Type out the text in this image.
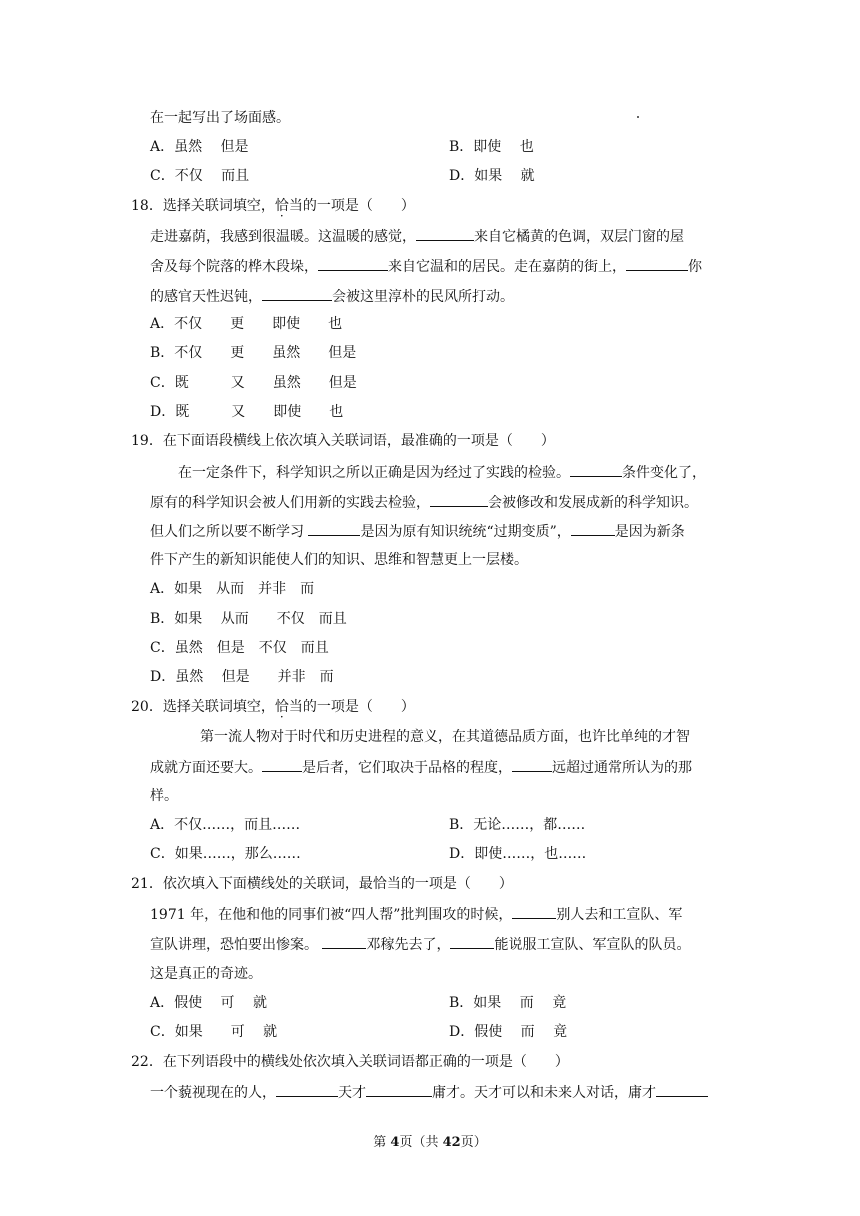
在一起写出了场面感。
A．虽然　 但是	B．即使　 也
C．不仅　 而且	D．如果　 就
18．选择关联词填空，恰当的一项是（　　）
走进嘉荫，我感到很温暖。这温暖的感觉，	来自它橘黄的色调，双层门窗的屋
舍及每个院落的桦木段垛，	来自它温和的居民。走在嘉荫的街上，	你
的感官天性迟钝，	会被这里淳朴的民风所打动。
A．不仅　　更　　即使　　也
B．不仅　　更　　虽然　　但是
C．既　　　又　　虽然　　但是
D．既　　　又　　即使　　也
19．在下面语段横线上依次填入关联词语，最准确的一项是（　　）
在一定条件下，科学知识之所以正确是因为经过了实践的检验。	条件变化了，
原有的科学知识会被人们用新的实践去检验，	会被修改和发展成新的科学知识。
但人们之所以要不断学习	是因为原有知识统统“过期变质”，	是因为新条
件下产生的新知识能使人们的知识、思维和智慧更上一层楼。
A．如果　从而　并非　而
B．如果　 从而　　不仅　而且
C．虽然　但是　不仅　而且
D．虽然　 但是　　并非　而
20．选择关联词填空，恰当的一项是（　　）
第一流人物对于时代和历史进程的意义，在其道德品质方面，也许比单纯的才智
成就方面还要大。	是后者，它们取决于品格的程度，	远超过通常所认为的那
样。
A．不仅……，而且……	B．无论……，都……
C．如果……，那么……	D．即使……，也……
21．依次填入下面横线处的关联词，最恰当的一项是（　　）
1971 年，在他和他的同事们被“四人帮”批判围攻的时候，	别人去和工宣队、军
宣队讲理，恐怕要出惨案。	邓稼先去了，	能说服工宣队、军宣队的队员。
这是真正的奇迹。
A．假使　 可　 就	B．如果　 而　 竟
C．如果　　可　 就	D．假使　 而　 竟
22．在下列语段中的横线处依次填入关联词语都正确的一项是（　　）
一个藐视现在的人，	天才	庸才。天才可以和未来人对话，庸才
第 4页（共 42页）
